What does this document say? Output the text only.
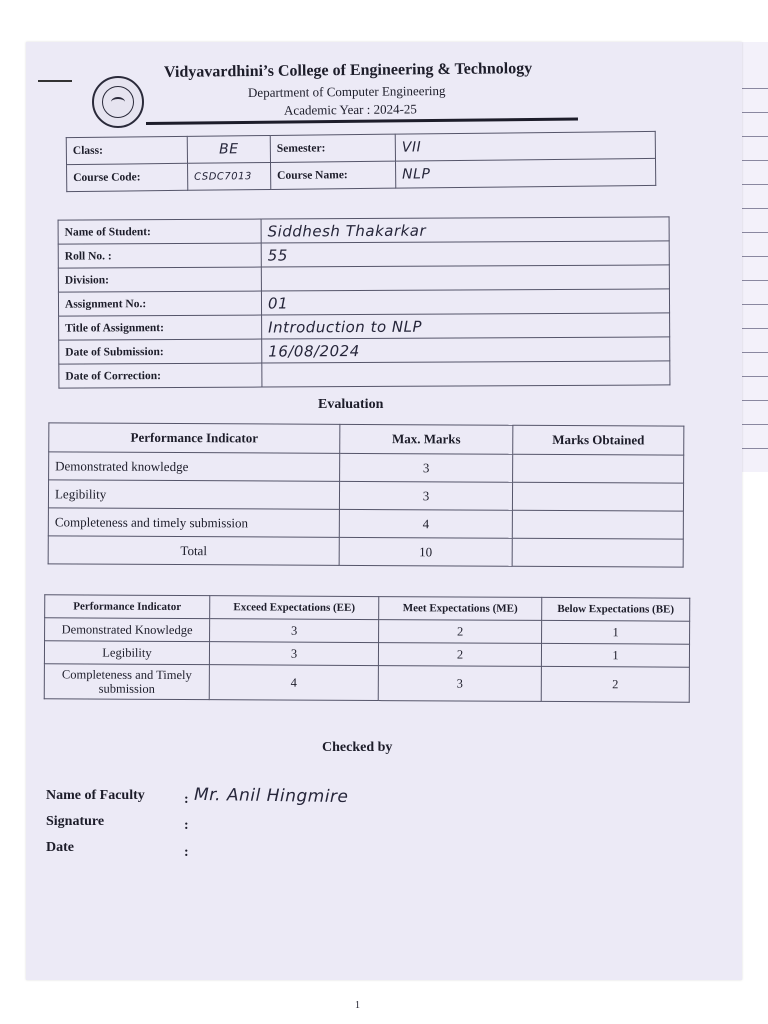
Vidyavardhini’s College of Engineering & Technology
Department of Computer Engineering
Academic Year : 2024-25
Class:	BE	Semester:	VII
Course Code:	CSDC7013	Course Name:	NLP
Name of Student:	Siddhesh Thakarkar
Roll No. :	55
Division:	
Assignment No.:	01
Title of Assignment:	Introduction to NLP
Date of Submission:	16/08/2024
Date of Correction:	
Evaluation
Performance Indicator	Max. Marks	Marks Obtained
Demonstrated knowledge	3	
Legibility	3	
Completeness and timely submission	4	
Total	10	
Performance Indicator	Exceed Expectations (EE)	Meet Expectations (ME)	Below Expectations (BE)
Demonstrated Knowledge	3	2	1
Legibility	3	2	1
Completeness and Timely submission	4	3	2
Checked by
Name of Faculty	: Mr. Anil Hingmire
Signature	:
Date	:
1
